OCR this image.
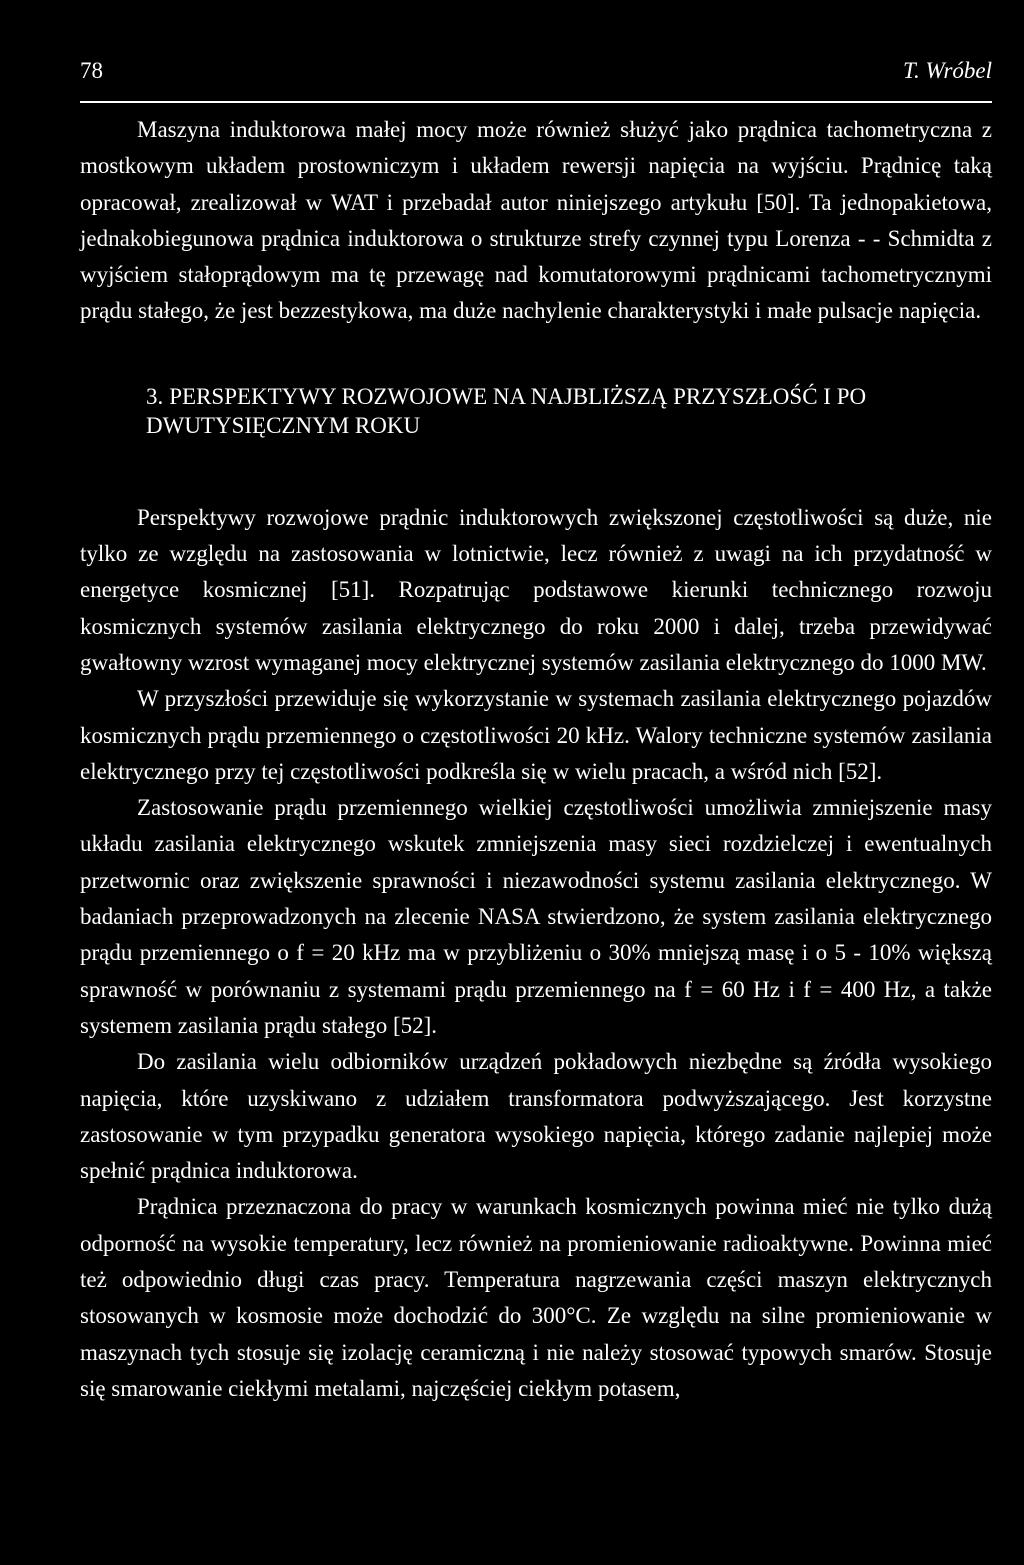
78	T. Wróbel

Maszyna induktorowa małej mocy może również służyć jako prądnica tachometryczna z mostkowym układem prostowniczym i układem rewersji napięcia na wyjściu. Prądnicę taką opracował, zrealizował w WAT i przebadał autor niniejszego artykułu [50]. Ta jednopakietowa, jednakobiegunowa prądnica induktorowa o strukturze strefy czynnej typu Lorenza - - Schmidta z wyjściem stałoprądowym ma tę przewagę nad komutatorowymi prądnicami tachometrycznymi prądu stałego, że jest bezzestykowa, ma duże nachylenie charakterystyki i małe pulsacje napięcia.

3. PERSPEKTYWY ROZWOJOWE NA NAJBLIŻSZĄ PRZYSZŁOŚĆ I PO
DWUTYSIĘCZNYM ROKU

Perspektywy rozwojowe prądnic induktorowych zwiększonej częstotliwości są duże, nie tylko ze względu na zastosowania w lotnictwie, lecz również z uwagi na ich przydatność w energetyce kosmicznej [51]. Rozpatrując podstawowe kierunki technicznego rozwoju kosmicznych systemów zasilania elektrycznego do roku 2000 i dalej, trzeba przewidywać gwałtowny wzrost wymaganej mocy elektrycznej systemów zasilania elektrycznego do 1000 MW.

W przyszłości przewiduje się wykorzystanie w systemach zasilania elektrycznego pojazdów kosmicznych prądu przemiennego o częstotliwości 20 kHz. Walory techniczne systemów zasilania elektrycznego przy tej częstotliwości podkreśla się w wielu pracach, a wśród nich [52].

Zastosowanie prądu przemiennego wielkiej częstotliwości umożliwia zmniejszenie masy układu zasilania elektrycznego wskutek zmniejszenia masy sieci rozdzielczej i ewentualnych przetwornic oraz zwiększenie sprawności i niezawodności systemu zasilania elektrycznego. W badaniach przeprowadzonych na zlecenie NASA stwierdzono, że system zasilania elektrycznego prądu przemiennego o f = 20 kHz ma w przybliżeniu o 30% mniejszą masę i o 5 - 10% większą sprawność w porównaniu z systemami prądu przemiennego na f = 60 Hz i f = 400 Hz, a także systemem zasilania prądu stałego [52].

Do zasilania wielu odbiorników urządzeń pokładowych niezbędne są źródła wysokiego napięcia, które uzyskiwano z udziałem transformatora podwyższającego. Jest korzystne zastosowanie w tym przypadku generatora wysokiego napięcia, którego zadanie najlepiej może spełnić prądnica induktorowa.

Prądnica przeznaczona do pracy w warunkach kosmicznych powinna mieć nie tylko dużą odporność na wysokie temperatury, lecz również na promieniowanie radioaktywne. Powinna mieć też odpowiednio długi czas pracy. Temperatura nagrzewania części maszyn elektrycznych stosowanych w kosmosie może dochodzić do 300°C. Ze względu na silne promieniowanie w maszynach tych stosuje się izolację ceramiczną i nie należy stosować typowych smarów. Stosuje się smarowanie ciekłymi metalami, najczęściej ciekłym potasem,
